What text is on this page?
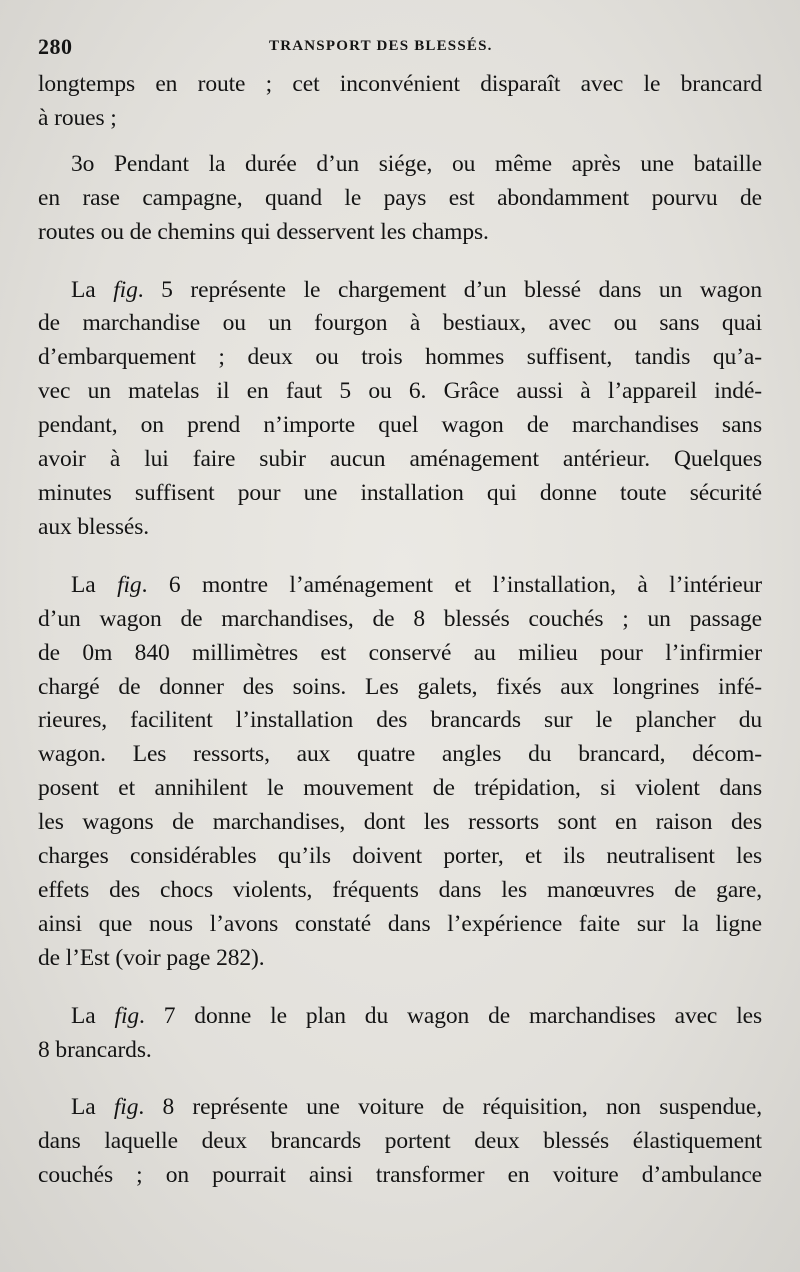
280	TRANSPORT DES BLESSÉS.

longtemps en route ; cet inconvénient disparaît avec le brancard

à roues ;

3o Pendant la durée d’un siége, ou même après une bataille

en rase campagne, quand le pays est abondamment pourvu de

routes ou de chemins qui desservent les champs.

La fig. 5 représente le chargement d’un blessé dans un wagon

de marchandise ou un fourgon à bestiaux, avec ou sans quai

d’embarquement ; deux ou trois hommes suffisent, tandis qu’a-

vec un matelas il en faut 5 ou 6. Grâce aussi à l’appareil indé-

pendant, on prend n’importe quel wagon de marchandises sans

avoir à lui faire subir aucun aménagement antérieur. Quelques

minutes suffisent pour une installation qui donne toute sécurité

aux blessés.

La fig. 6 montre l’aménagement et l’installation, à l’intérieur

d’un wagon de marchandises, de 8 blessés couchés ; un passage

de 0m 840 millimètres est conservé au milieu pour l’infirmier

chargé de donner des soins. Les galets, fixés aux longrines infé-

rieures, facilitent l’installation des brancards sur le plancher du

wagon. Les ressorts, aux quatre angles du brancard, décom-

posent et annihilent le mouvement de trépidation, si violent dans

les wagons de marchandises, dont les ressorts sont en raison des

charges considérables qu’ils doivent porter, et ils neutralisent les

effets des chocs violents, fréquents dans les manœuvres de gare,

ainsi que nous l’avons constaté dans l’expérience faite sur la ligne

de l’Est (voir page 282).

La fig. 7 donne le plan du wagon de marchandises avec les

8 brancards.

La fig. 8 représente une voiture de réquisition, non suspendue,

dans laquelle deux brancards portent deux blessés élastiquement

couchés ; on pourrait ainsi transformer en voiture d’ambulance
